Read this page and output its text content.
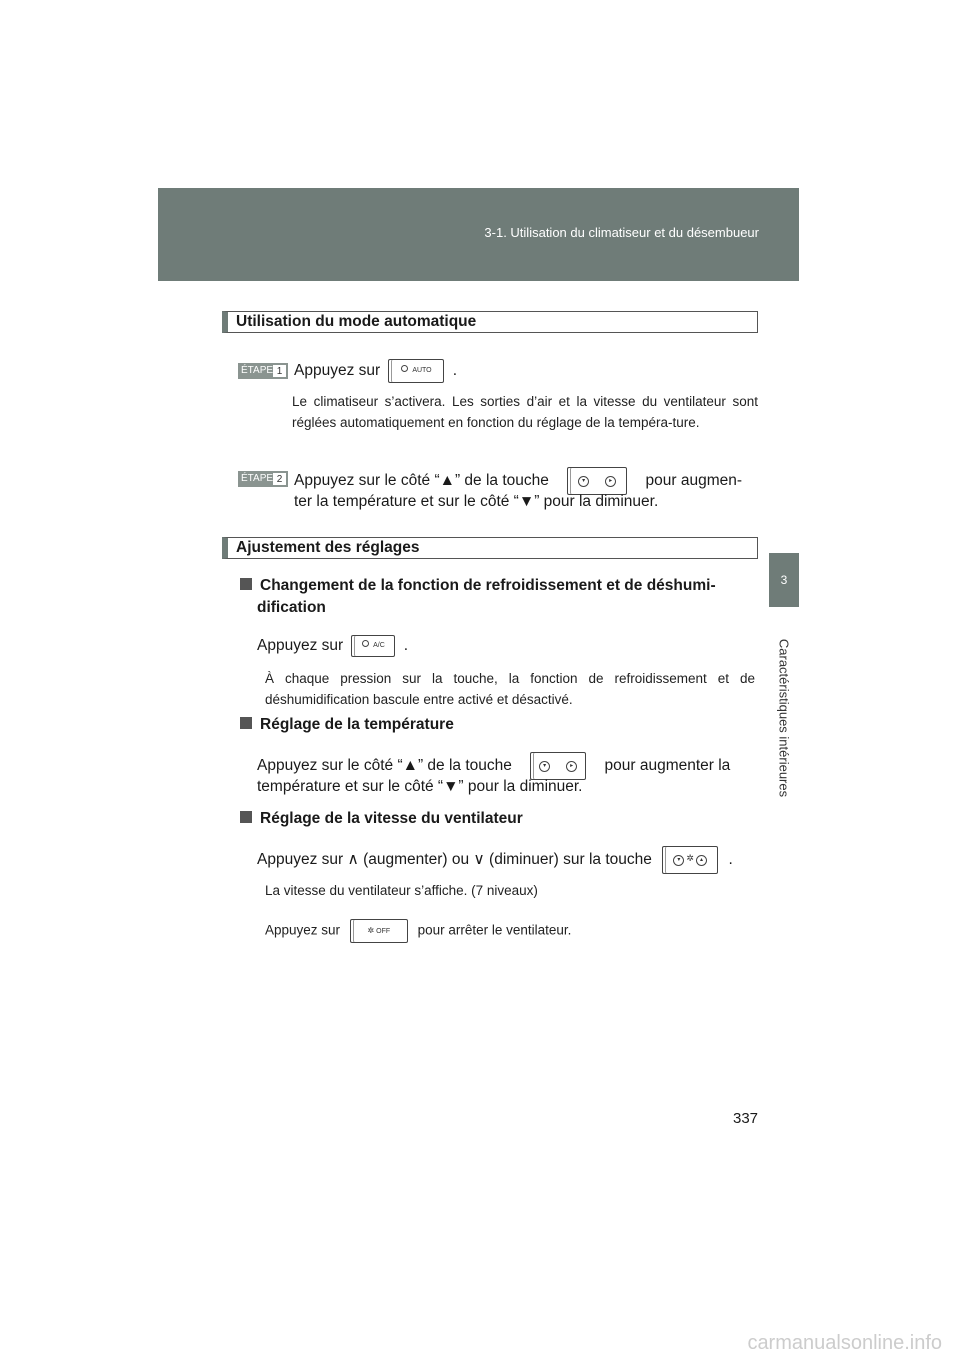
3-1. Utilisation du climatiseur et du désembueur
3
Caractéristiques intérieures
Utilisation du mode automatique
ÉTAPE 1 Appuyez sur	AUTO .
Le climatiseur s’activera. Les sorties d’air et la vitesse du ventilateur sont réglées automatiquement en fonction du réglage de la tempéra-ture.
ÉTAPE 2 Appuyez sur le côté “▲” de la touche	▾	▸ pour augmen-
ter la température et sur le côté “▼” pour la diminuer.
Ajustement des réglages
Changement de la fonction de refroidissement et de déshumi-
dification
Appuyez sur	A/C .
À chaque pression sur la touche, la fonction de refroidissement et de déshumidification bascule entre activé et désactivé.
Réglage de la température
Appuyez sur le côté “▲” de la touche	▾	▸ pour augmenter la
température et sur le côté “▼” pour la diminuer.
Réglage de la vitesse du ventilateur
Appuyez sur ∧ (augmenter) ou ∨ (diminuer) sur la touche	▾ ✲ ▴ .
La vitesse du ventilateur s’affiche. (7 niveaux)
Appuyez sur	✲ OFF pour arrêter le ventilateur.
337
carmanualsonline.info
